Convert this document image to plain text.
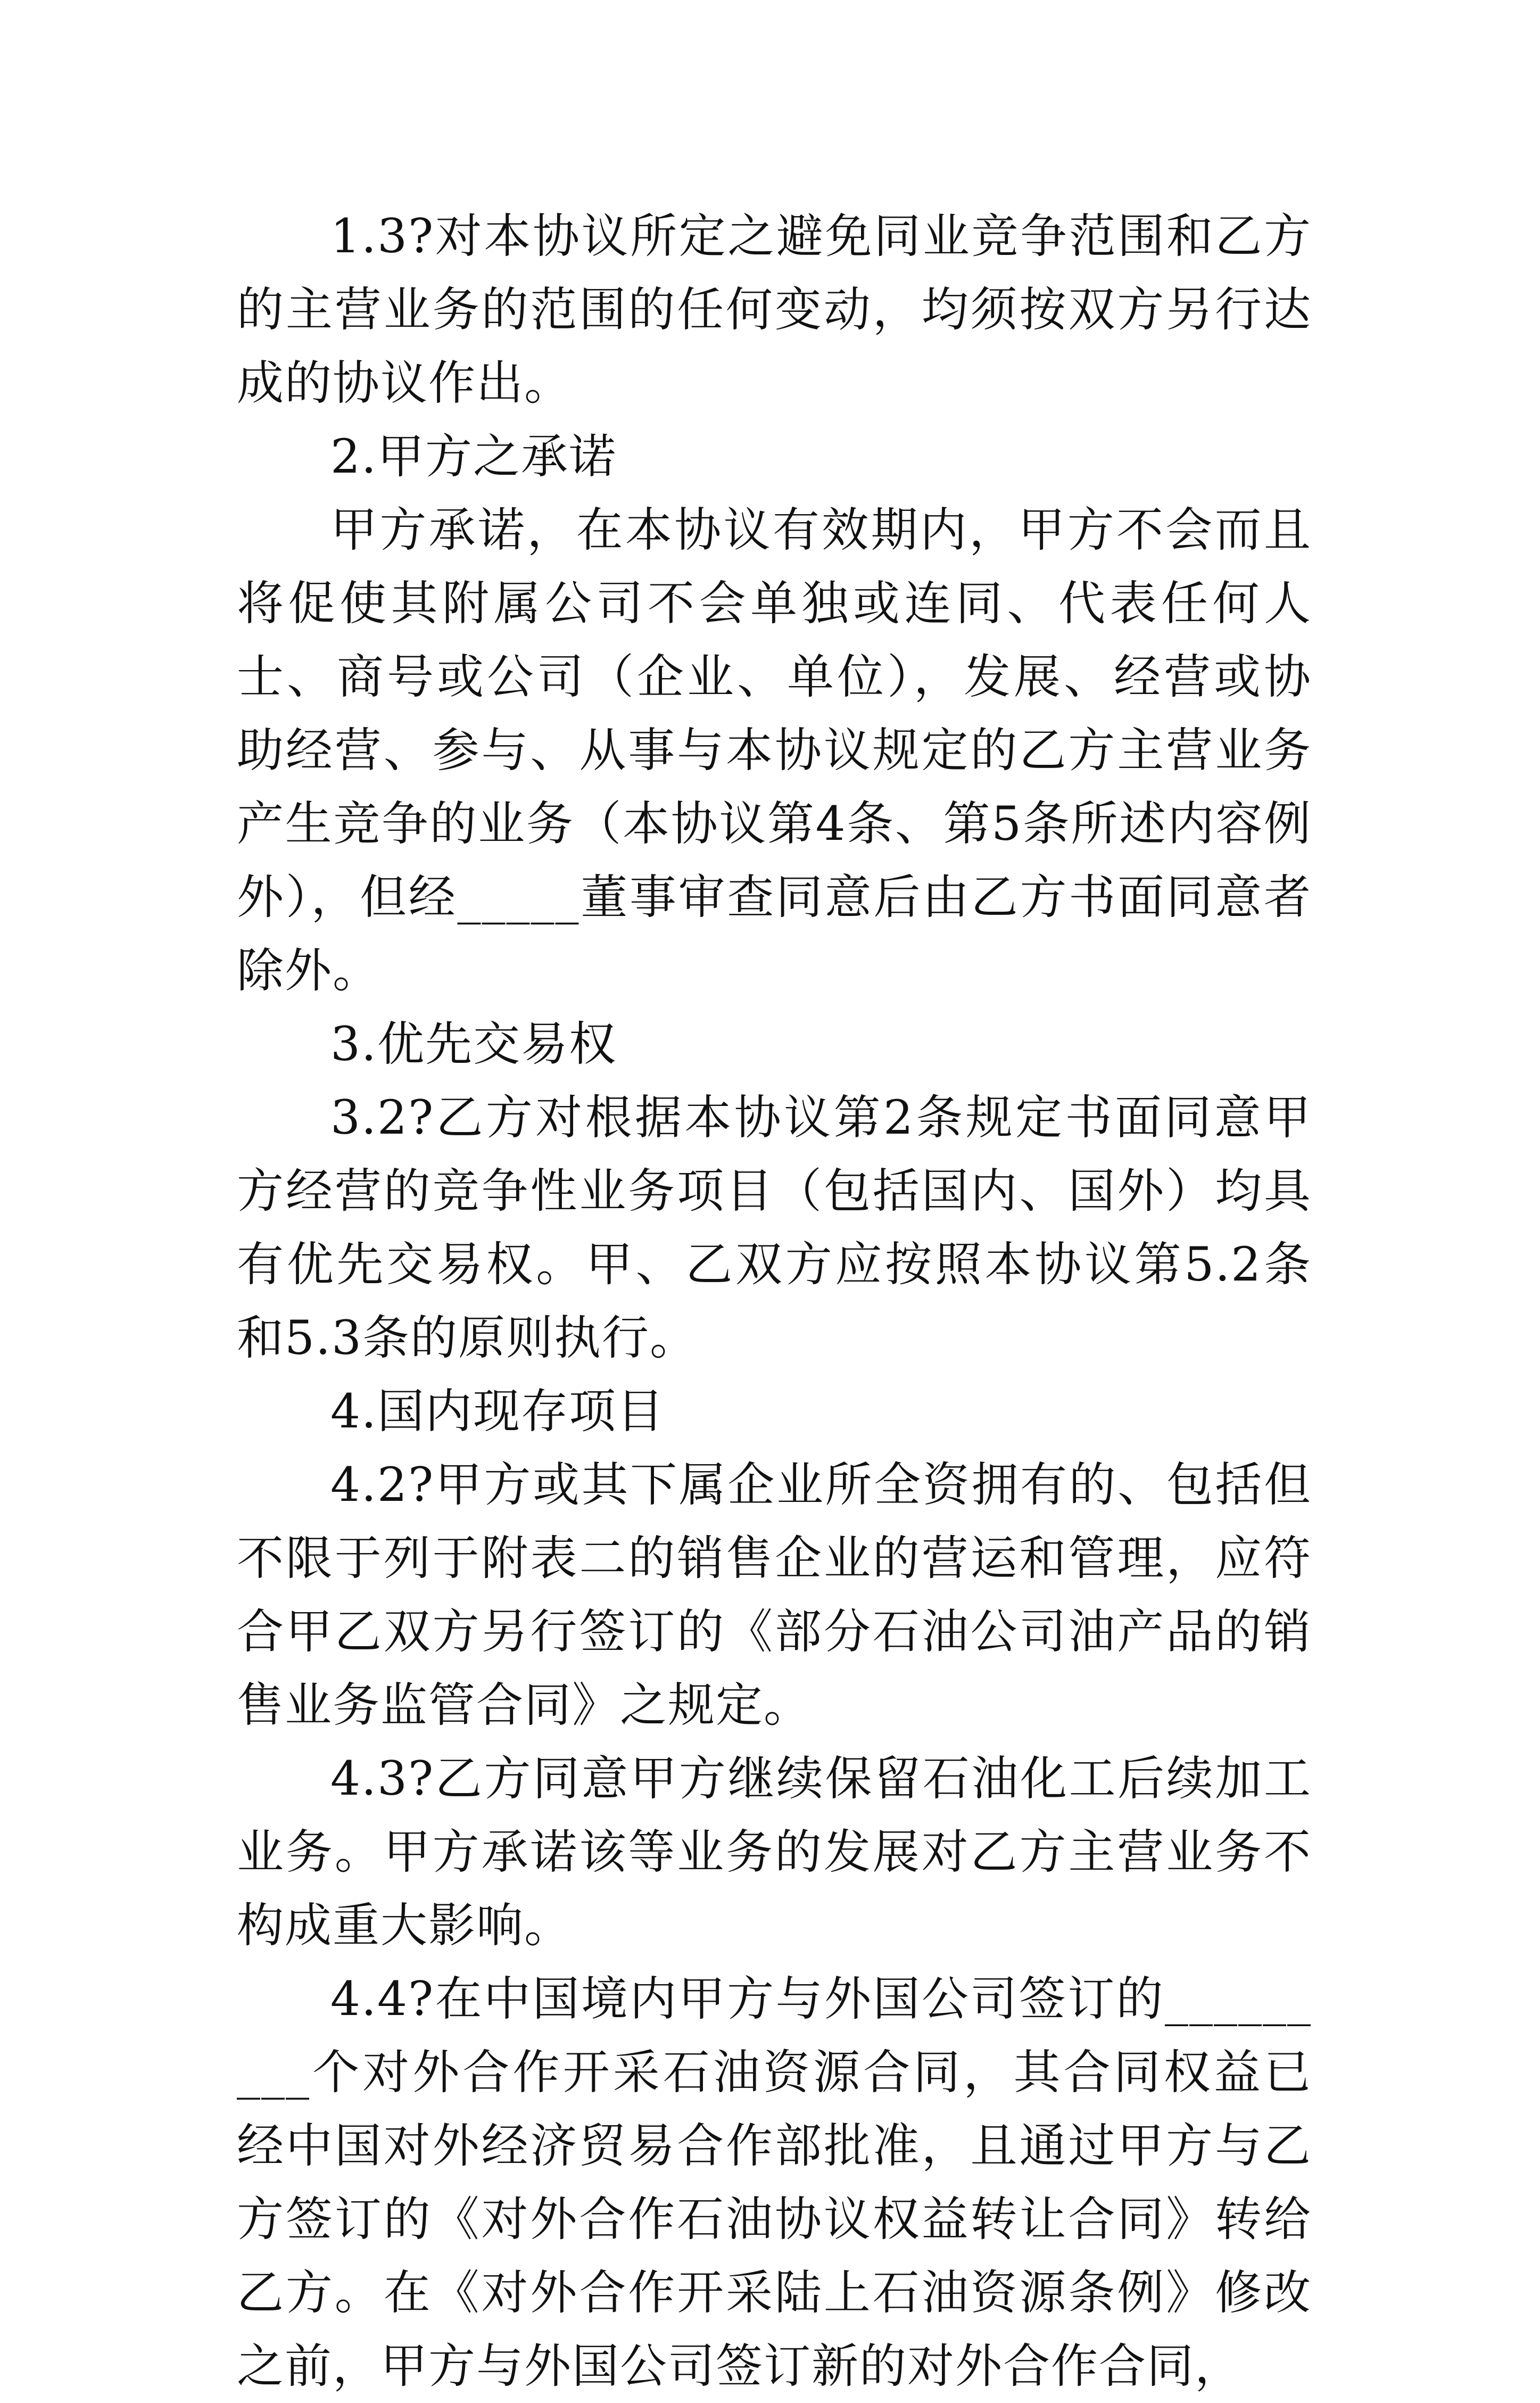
1.3?对本协议所定之避免同业竞争范围和乙方的主营业务的范围的任何变动，均须按双方另行达成的协议作出。

2.甲方之承诺

甲方承诺，在本协议有效期内，甲方不会而且将促使其附属公司不会单独或连同、代表任何人士、商号或公司（企业、单位），发展、经营或协助经营、参与、从事与本协议规定的乙方主营业务产生竞争的业务（本协议第4条、第5条所述内容例外），但经_____董事审查同意后由乙方书面同意者除外。

3.优先交易权

3.2?乙方对根据本协议第2条规定书面同意甲方经营的竞争性业务项目（包括国内、国外）均具有优先交易权。甲、乙双方应按照本协议第5.2条和5.3条的原则执行。

4.国内现存项目

4.2?甲方或其下属企业所全资拥有的、包括但不限于列于附表二的销售企业的营运和管理，应符合甲乙双方另行签订的《部分石油公司油产品的销售业务监管合同》之规定。

4.3?乙方同意甲方继续保留石油化工后续加工业务。甲方承诺该等业务的发展对乙方主营业务不构成重大影响。

4.4?在中国境内甲方与外国公司签订的_________个对外合作开采石油资源合同，其合同权益已经中国对外经济贸易合作部批准，且通过甲方与乙方签订的《对外合作石油协议权益转让合同》转给乙方。在《对外合作开采陆上石油资源条例》修改之前，甲方与外国公司签订新的对外合作合同，
